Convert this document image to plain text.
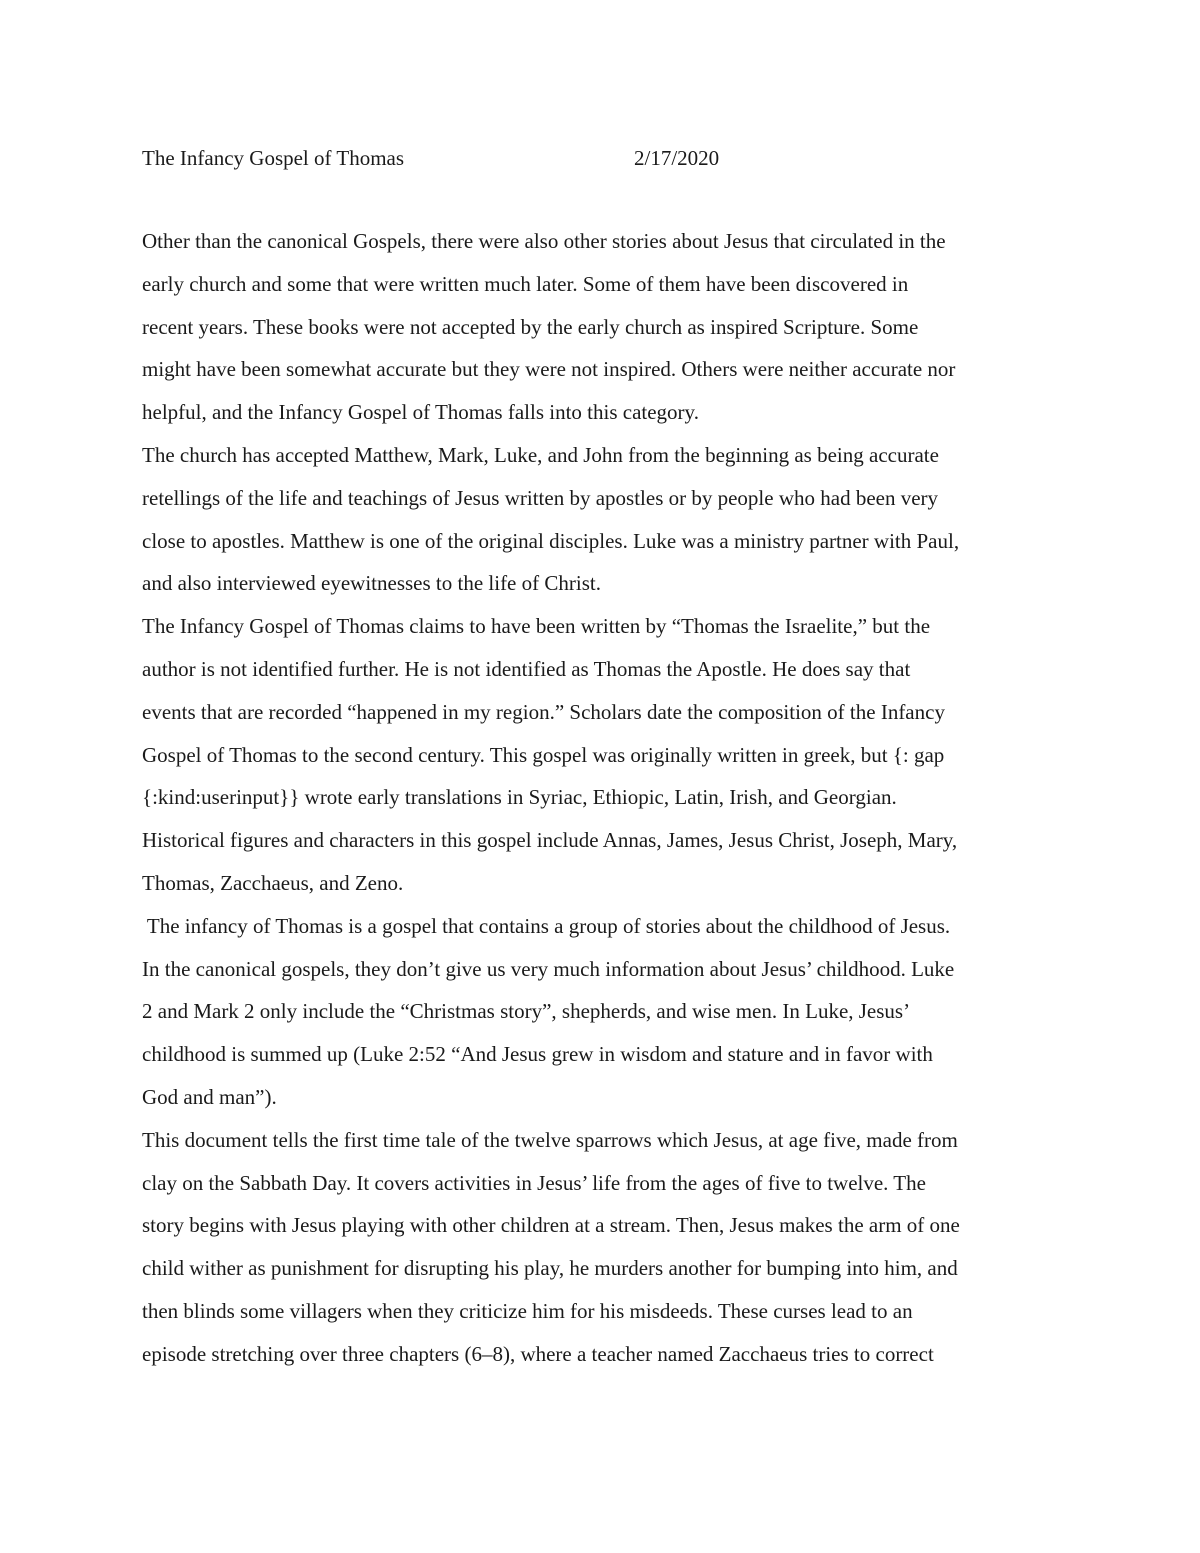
The Infancy Gospel of Thomas	2/17/2020
Other than the canonical Gospels, there were also other stories about Jesus that circulated in the
early church and some that were written much later. Some of them have been discovered in
recent years. These books were not accepted by the early church as inspired Scripture. Some
might have been somewhat accurate but they were not inspired. Others were neither accurate nor
helpful, and the Infancy Gospel of Thomas falls into this category.
The church has accepted Matthew, Mark, Luke, and John from the beginning as being accurate
retellings of the life and teachings of Jesus written by apostles or by people who had been very
close to apostles. Matthew is one of the original disciples. Luke was a ministry partner with Paul,
and also interviewed eyewitnesses to the life of Christ.
The Infancy Gospel of Thomas claims to have been written by “Thomas the Israelite,” but the
author is not identified further. He is not identified as Thomas the Apostle. He does say that
events that are recorded “happened in my region.” Scholars date the composition of the Infancy
Gospel of Thomas to the second century. This gospel was originally written in greek, but {: gap
{:kind:userinput}} wrote early translations in Syriac, Ethiopic, Latin, Irish, and Georgian.
Historical figures and characters in this gospel include Annas, James, Jesus Christ, Joseph, Mary,
Thomas, Zacchaeus, and Zeno.
The infancy of Thomas is a gospel that contains a group of stories about the childhood of Jesus.
In the canonical gospels, they don’t give us very much information about Jesus’ childhood. Luke
2 and Mark 2 only include the “Christmas story”, shepherds, and wise men. In Luke, Jesus’
childhood is summed up (Luke 2:52 “And Jesus grew in wisdom and stature and in favor with
God and man”).
This document tells the first time tale of the twelve sparrows which Jesus, at age five, made from
clay on the Sabbath Day. It covers activities in Jesus’ life from the ages of five to twelve. The
story begins with Jesus playing with other children at a stream. Then, Jesus makes the arm of one
child wither as punishment for disrupting his play, he murders another for bumping into him, and
then blinds some villagers when they criticize him for his misdeeds. These curses lead to an
episode stretching over three chapters (6–8), where a teacher named Zacchaeus tries to correct
